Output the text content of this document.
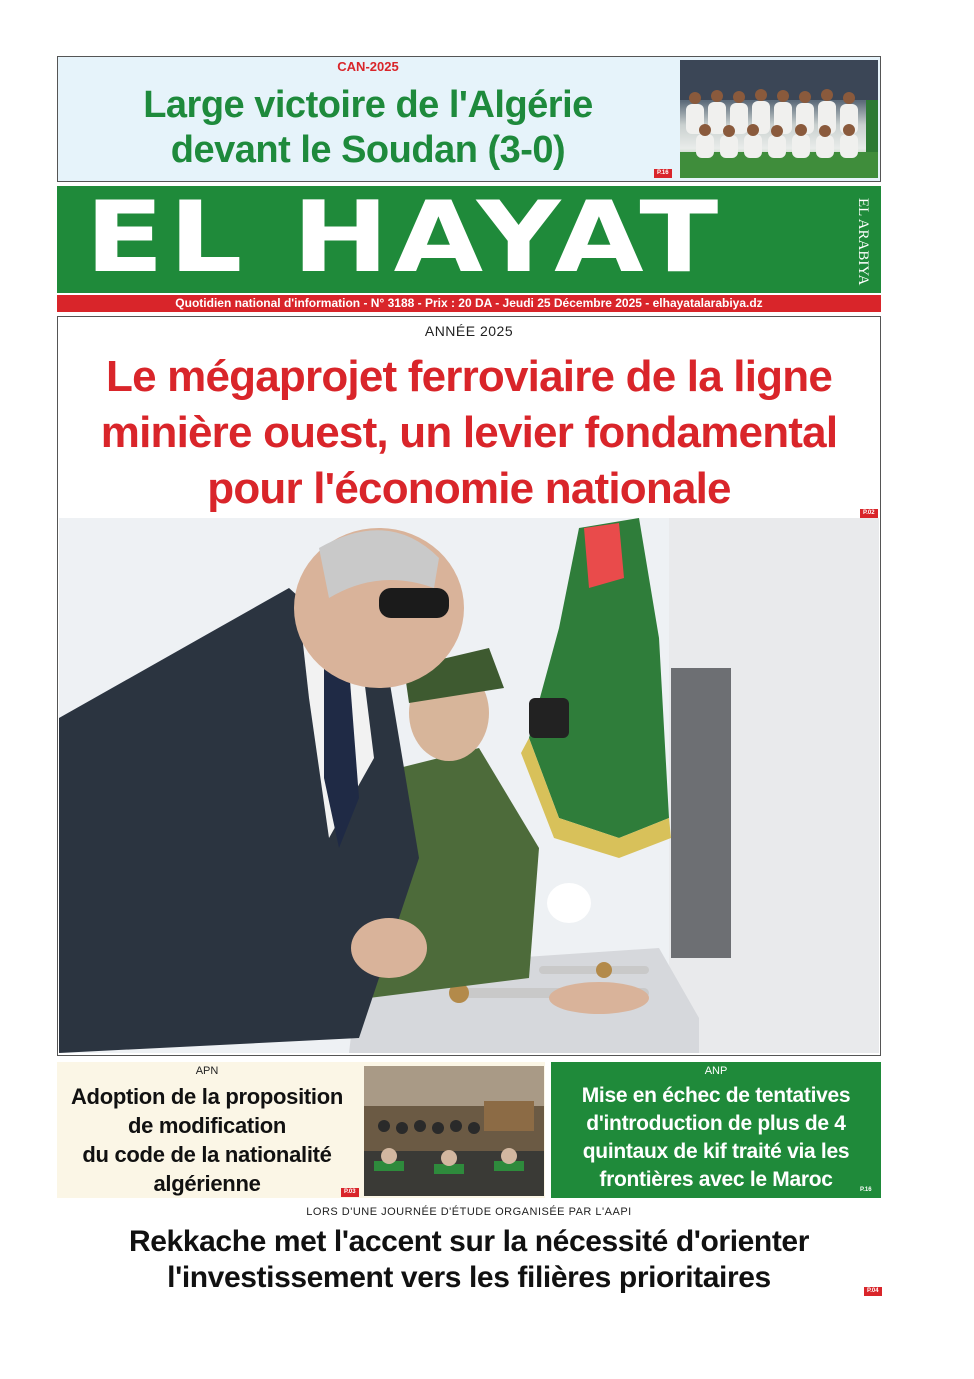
CAN-2025
Large victoire de l'Algérie
devant le Soudan (3-0)
P.16
EL HAYAT	EL ARABIYA
Quotidien national d'information - N° 3188 - Prix : 20 DA - Jeudi 25 Décembre 2025 - elhayatalarabiya.dz
ANNÉE 2025
Le mégaprojet ferroviaire de la ligne
minière ouest, un levier fondamental
pour l'économie nationale	P.02
APN
Adoption de la proposition
de modification
du code de la nationalité
algérienne	P.03
ANP
Mise en échec de tentatives
d'introduction de plus de 4
quintaux de kif traité via les
frontières avec le Maroc	P.16
LORS D'UNE JOURNÉE D'ÉTUDE ORGANISÉE PAR L'AAPI
Rekkache met l'accent sur la nécessité d'orienter
l'investissement vers les filières prioritaires	P.04
